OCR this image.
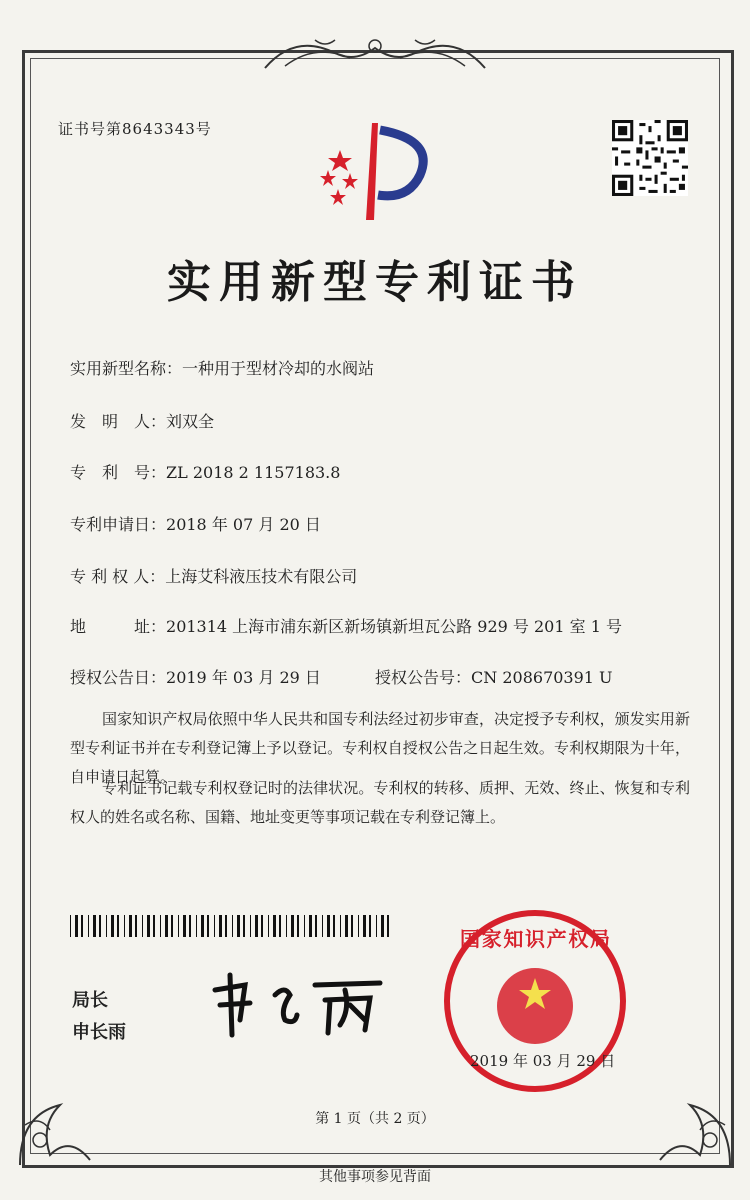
证书号第8643343号
实用新型专利证书
实用新型名称：一种用于型材冷却的水阀站
发　明　人：刘双全
专　利　号：ZL 2018 2 1157183.8
专利申请日：2018 年 07 月 20 日
专 利 权 人：上海艾科液压技术有限公司
地　　　址：201314 上海市浦东新区新场镇新坦瓦公路 929 号 201 室 1 号
授权公告日：2019 年 03 月 29 日	授权公告号：CN 208670391 U
国家知识产权局依照中华人民共和国专利法经过初步审查，决定授予专利权，颁发实用新型专利证书并在专利登记簿上予以登记。专利权自授权公告之日起生效。专利权期限为十年，自申请日起算。
专利证书记载专利权登记时的法律状况。专利权的转移、质押、无效、终止、恢复和专利权人的姓名或名称、国籍、地址变更等事项记载在专利登记簿上。
局长
申长雨
国家知识产权局
2019 年 03 月 29 日
第 1 页（共 2 页）
其他事项参见背面
